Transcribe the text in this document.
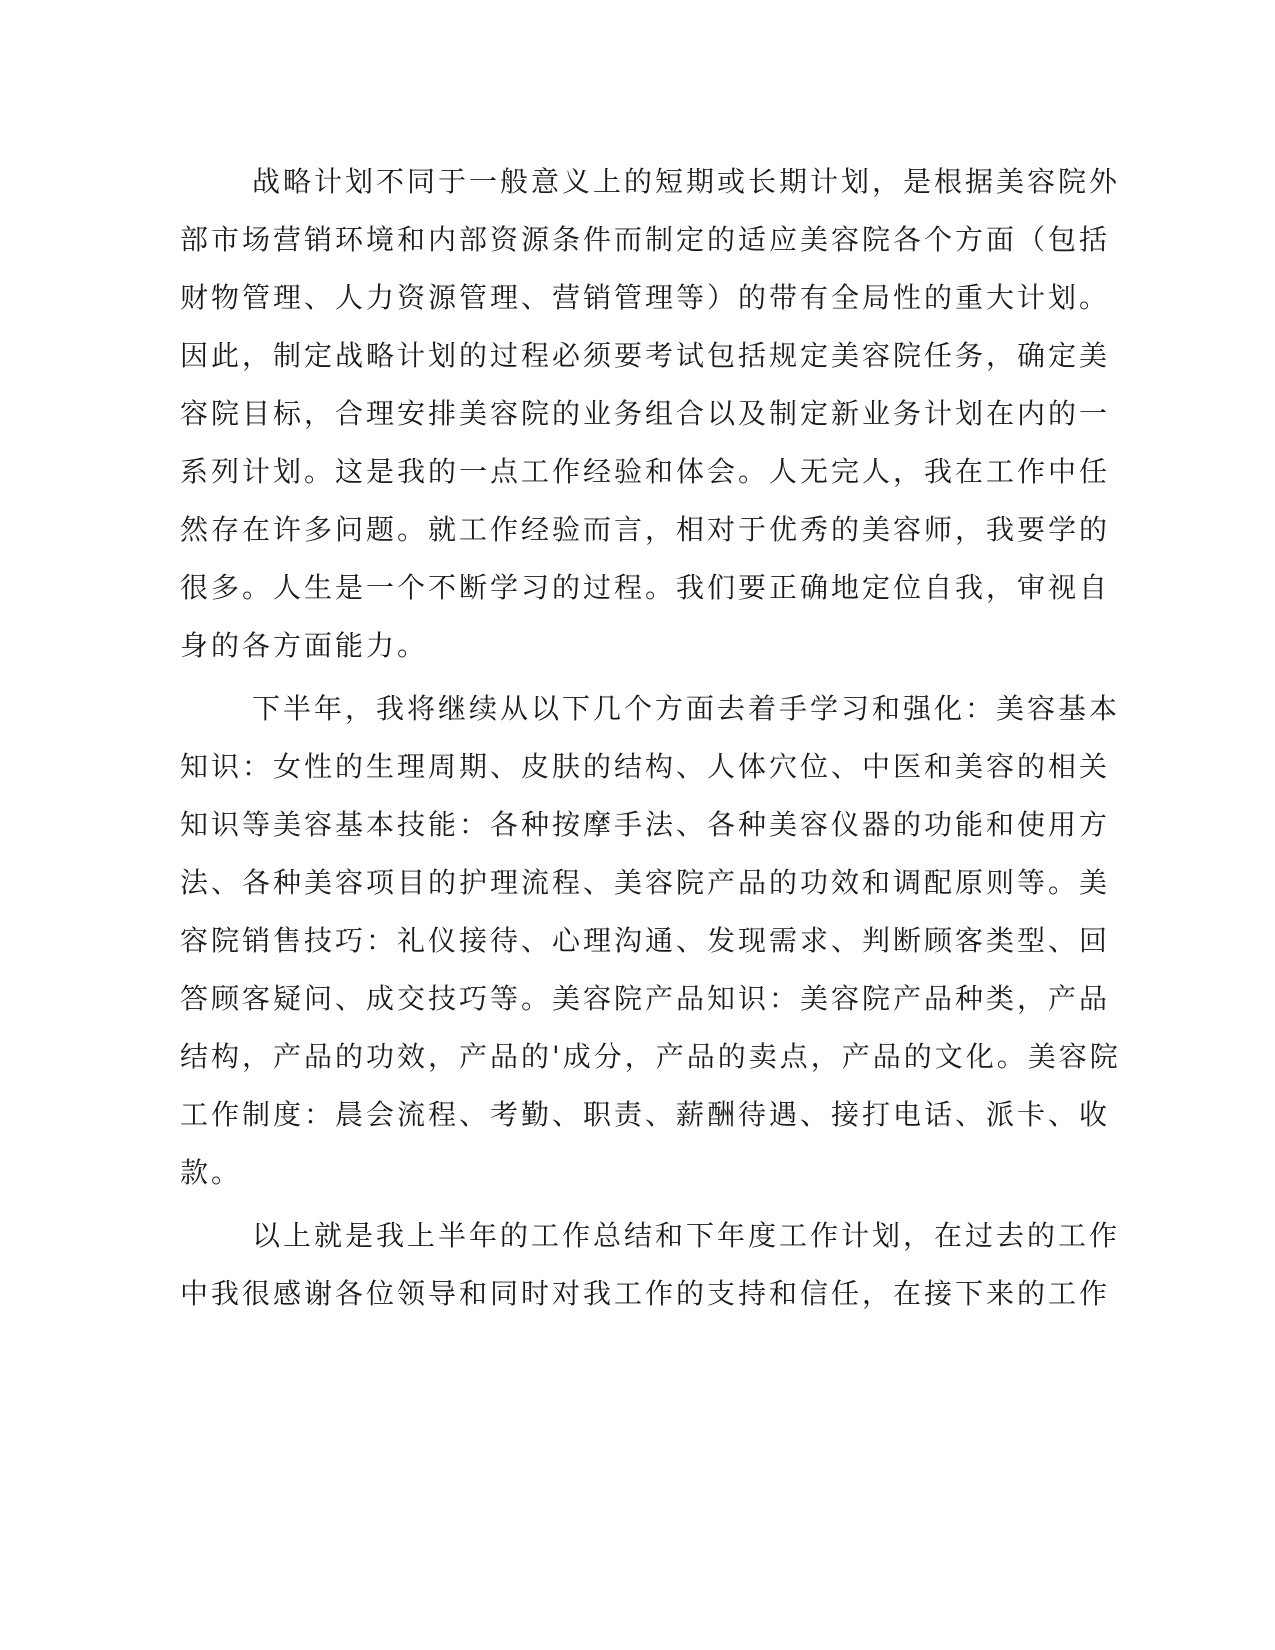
战略计划不同于一般意义上的短期或长期计划，是根据美容院外
部市场营销环境和内部资源条件而制定的适应美容院各个方面（包括
财物管理、人力资源管理、营销管理等）的带有全局性的重大计划。
因此，制定战略计划的过程必须要考试包括规定美容院任务，确定美
容院目标，合理安排美容院的业务组合以及制定新业务计划在内的一
系列计划。这是我的一点工作经验和体会。人无完人，我在工作中任
然存在许多问题。就工作经验而言，相对于优秀的美容师，我要学的
很多。人生是一个不断学习的过程。我们要正确地定位自我，审视自
身的各方面能力。
下半年，我将继续从以下几个方面去着手学习和强化：美容基本
知识：女性的生理周期、皮肤的结构、人体穴位、中医和美容的相关
知识等美容基本技能：各种按摩手法、各种美容仪器的功能和使用方
法、各种美容项目的护理流程、美容院产品的功效和调配原则等。美
容院销售技巧：礼仪接待、心理沟通、发现需求、判断顾客类型、回
答顾客疑问、成交技巧等。美容院产品知识：美容院产品种类，产品
结构，产品的功效，产品的'成分，产品的卖点，产品的文化。美容院
工作制度：晨会流程、考勤、职责、薪酬待遇、接打电话、派卡、收
款。
以上就是我上半年的工作总结和下年度工作计划，在过去的工作
中我很感谢各位领导和同时对我工作的支持和信任，在接下来的工作
